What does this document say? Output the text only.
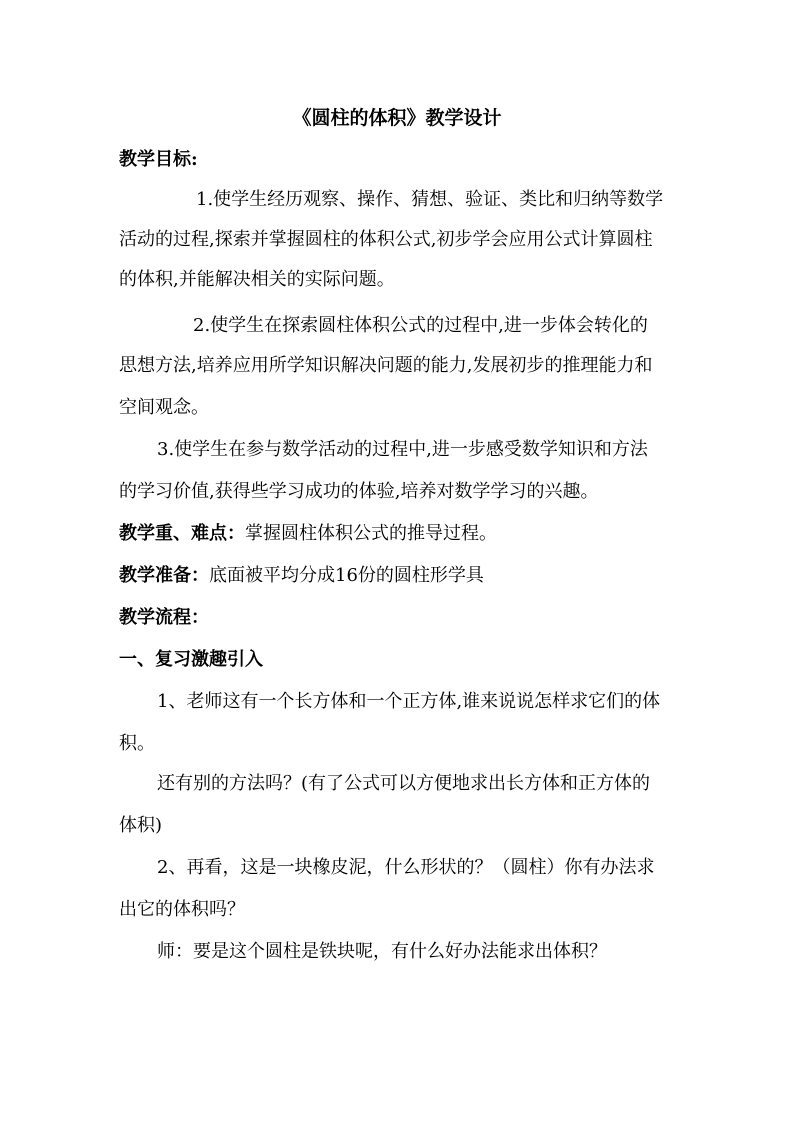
《圆柱的体积》教学设计
教学目标:
1.使学生经历观察、操作、猜想、验证、类比和归纳等数学
活动的过程,探索并掌握圆柱的体积公式,初步学会应用公式计算圆柱
的体积,并能解决相关的实际问题。
2.使学生在探索圆柱体积公式的过程中,进一步体会转化的
思想方法,培养应用所学知识解决问题的能力,发展初步的推理能力和
空间观念。
3.使学生在参与数学活动的过程中,进一步感受数学知识和方法
的学习价值,获得些学习成功的体验,培养对数学学习的兴趣。
教学重、难点：掌握圆柱体积公式的推导过程。
教学准备：底面被平均分成16份的圆柱形学具
教学流程：
一、复习激趣引入
1、老师这有一个长方体和一个正方体,谁来说说怎样求它们的体
积。
还有别的方法吗？(有了公式可以方便地求出长方体和正方体的
体积)
2、再看，这是一块橡皮泥，什么形状的？（圆柱）你有办法求
出它的体积吗？
师：要是这个圆柱是铁块呢，有什么好办法能求出体积？
